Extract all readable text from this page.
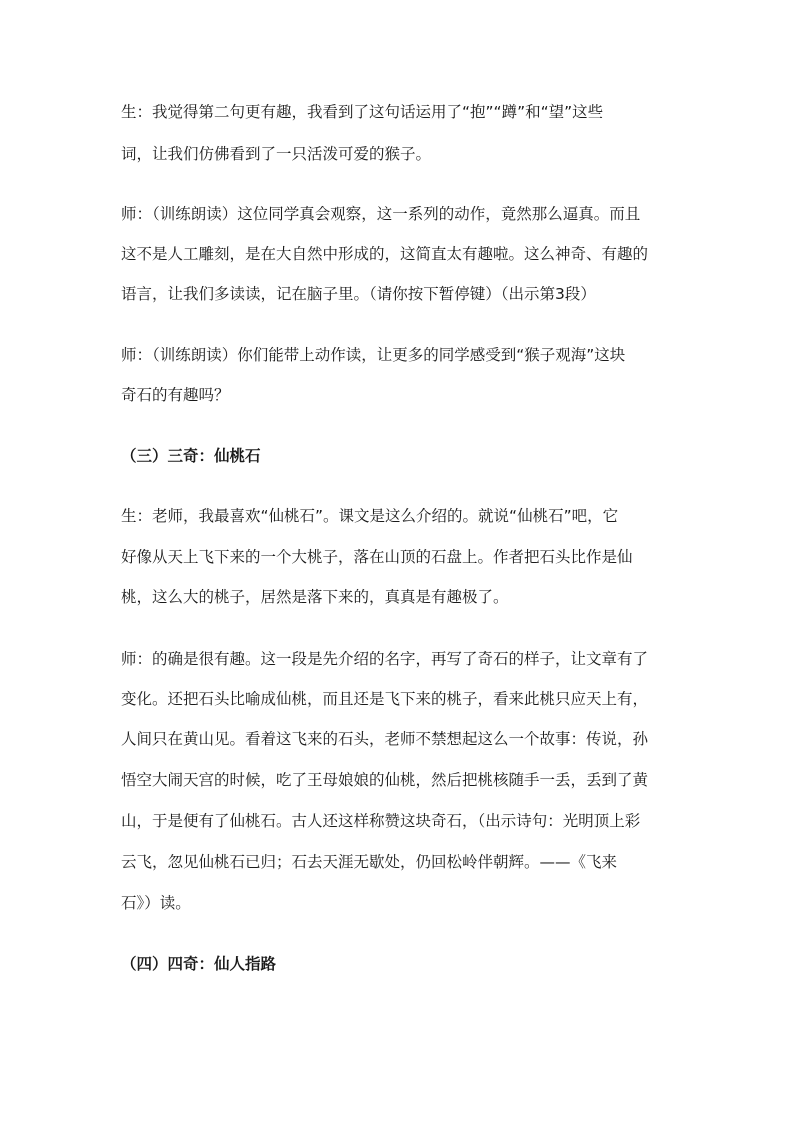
生：我觉得第二句更有趣，我看到了这句话运用了“抱”“蹲”和“望”这些

词，让我们仿佛看到了一只活泼可爱的猴子。

师：（训练朗读）这位同学真会观察，这一系列的动作，竟然那么逼真。而且

这不是人工雕刻，是在大自然中形成的，这简直太有趣啦。这么神奇、有趣的

语言，让我们多读读，记在脑子里。（请你按下暂停键）（出示第3段）

师：（训练朗读）你们能带上动作读，让更多的同学感受到“猴子观海”这块

奇石的有趣吗？

（三）三奇：仙桃石

生：老师，我最喜欢“仙桃石”。课文是这么介绍的。就说“仙桃石”吧，它

好像从天上飞下来的一个大桃子，落在山顶的石盘上。作者把石头比作是仙

桃，这么大的桃子，居然是落下来的，真真是有趣极了。

师：的确是很有趣。这一段是先介绍的名字，再写了奇石的样子，让文章有了

变化。还把石头比喻成仙桃，而且还是飞下来的桃子，看来此桃只应天上有，

人间只在黄山见。看着这飞来的石头，老师不禁想起这么一个故事：传说，孙

悟空大闹天宫的时候，吃了王母娘娘的仙桃，然后把桃核随手一丢，丢到了黄

山，于是便有了仙桃石。古人还这样称赞这块奇石，（出示诗句：光明顶上彩

云飞，忽见仙桃石已归；石去天涯无歇处，仍回松岭伴朝辉。——《飞来

石》）读。

（四）四奇：仙人指路
